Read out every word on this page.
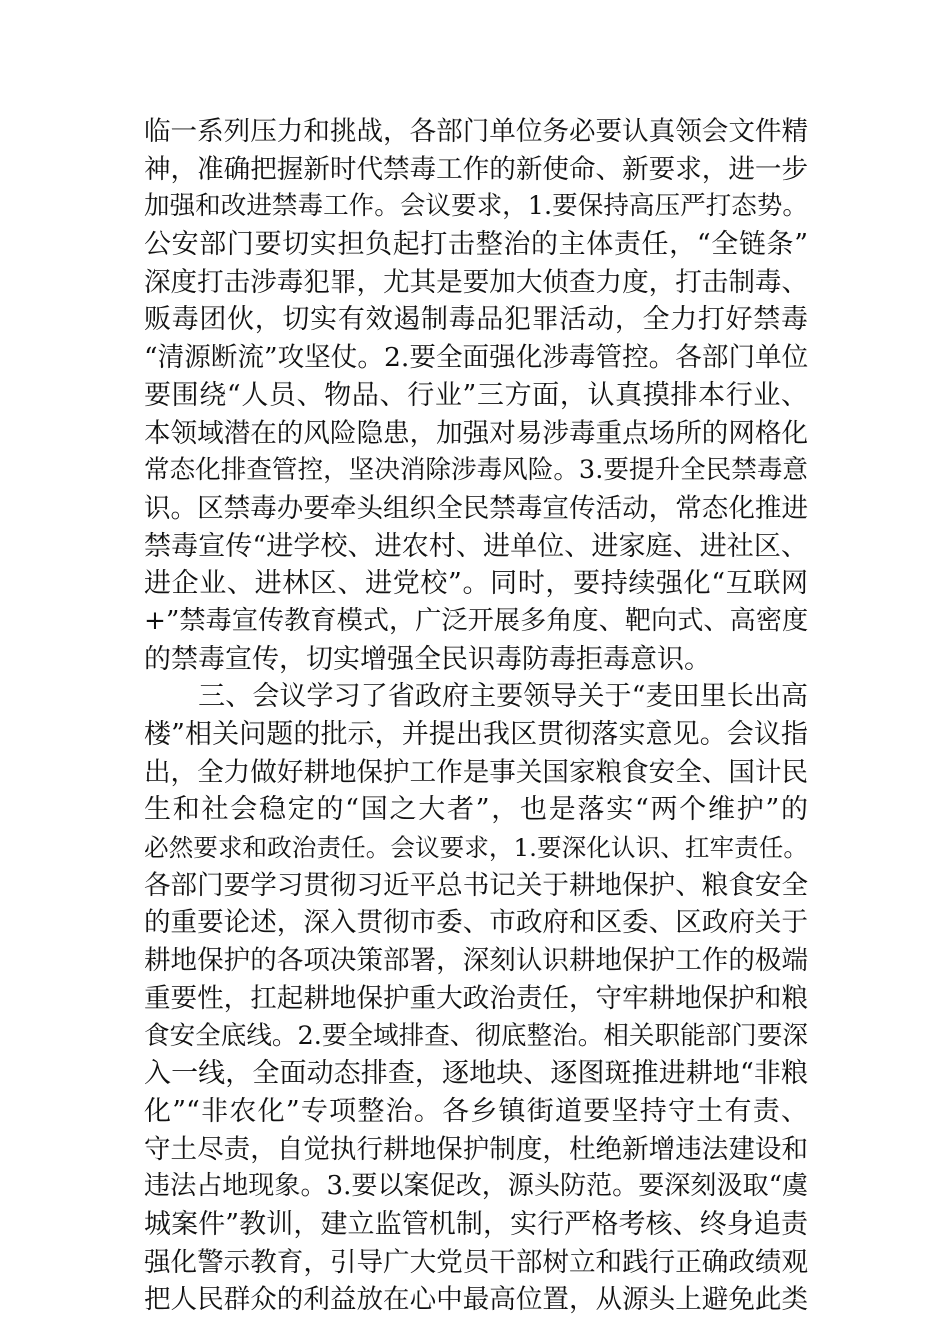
临一系列压力和挑战，各部门单位务必要认真领会文件精
神，准确把握新时代禁毒工作的新使命、新要求，进一步
加强和改进禁毒工作。会议要求，1.要保持高压严打态势。
公安部门要切实担负起打击整治的主体责任，“全链条”
深度打击涉毒犯罪，尤其是要加大侦查力度，打击制毒、
贩毒团伙，切实有效遏制毒品犯罪活动，全力打好禁毒
“清源断流”攻坚仗。2.要全面强化涉毒管控。各部门单位
要围绕“人员、物品、行业”三方面，认真摸排本行业、
本领域潜在的风险隐患，加强对易涉毒重点场所的网格化
常态化排查管控，坚决消除涉毒风险。3.要提升全民禁毒意
识。区禁毒办要牵头组织全民禁毒宣传活动，常态化推进
禁毒宣传“进学校、进农村、进单位、进家庭、进社区、
进企业、进林区、进党校”。同时，要持续强化“互联网
+”禁毒宣传教育模式，广泛开展多角度、靶向式、高密度
的禁毒宣传，切实增强全民识毒防毒拒毒意识。
　　三、会议学习了省政府主要领导关于“麦田里长出高
楼”相关问题的批示，并提出我区贯彻落实意见。会议指
出，全力做好耕地保护工作是事关国家粮食安全、国计民
生和社会稳定的“国之大者”，也是落实“两个维护”的
必然要求和政治责任。会议要求，1.要深化认识、扛牢责任。
各部门要学习贯彻习近平总书记关于耕地保护、粮食安全
的重要论述，深入贯彻市委、市政府和区委、区政府关于
耕地保护的各项决策部署，深刻认识耕地保护工作的极端
重要性，扛起耕地保护重大政治责任，守牢耕地保护和粮
食安全底线。2.要全域排查、彻底整治。相关职能部门要深
入一线，全面动态排查，逐地块、逐图斑推进耕地“非粮
化”“非农化”专项整治。各乡镇街道要坚持守土有责、
守土尽责，自觉执行耕地保护制度，杜绝新增违法建设和
违法占地现象。3.要以案促改，源头防范。要深刻汲取“虞
城案件”教训，建立监管机制，实行严格考核、终身追责
强化警示教育，引导广大党员干部树立和践行正确政绩观
把人民群众的利益放在心中最高位置，从源头上避免此类
